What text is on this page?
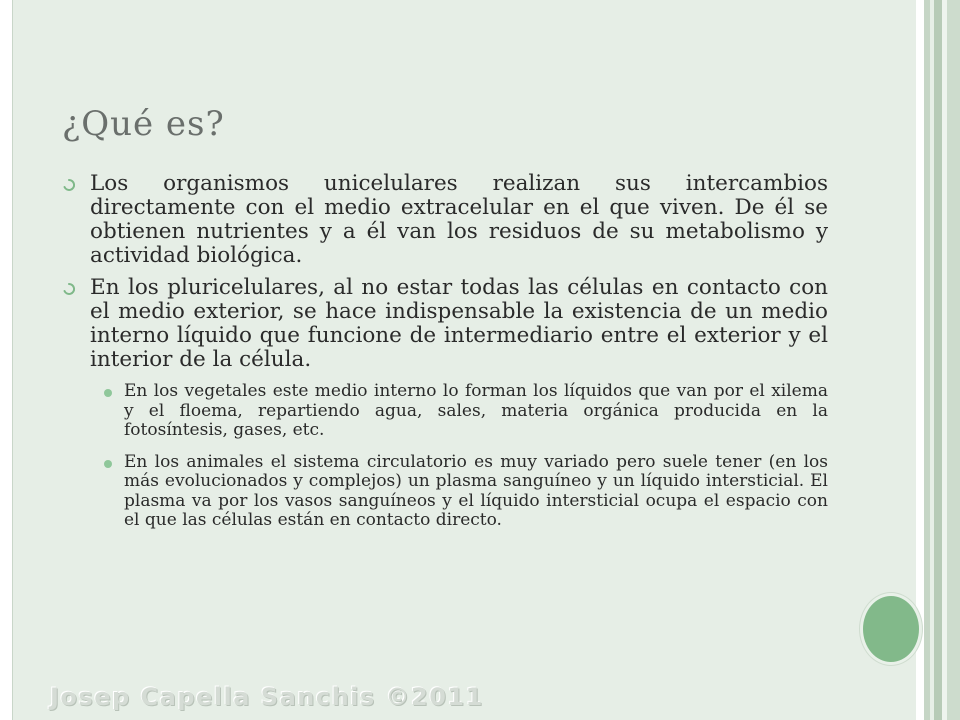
¿Qué es?
Los organismos unicelulares realizan sus intercambios directamente con el medio extracelular en el que viven. De él se obtienen nutrientes y a él van los residuos de su metabolismo y actividad biológica.
En los pluricelulares, al no estar todas las células en contacto con el medio exterior, se hace indispensable la existencia de un medio interno líquido que funcione de intermediario entre el exterior y el interior de la célula.
En los vegetales este medio interno lo forman los líquidos que van por el xilema y el floema, repartiendo agua, sales, materia orgánica producida en la fotosíntesis, gases, etc.
En los animales el sistema circulatorio es muy variado pero suele tener (en los más evolucionados y complejos) un plasma sanguíneo y un líquido intersticial. El plasma va por los vasos sanguíneos y el líquido intersticial ocupa el espacio con el que las células están en contacto directo.
Josep Capella Sanchis ©2011
